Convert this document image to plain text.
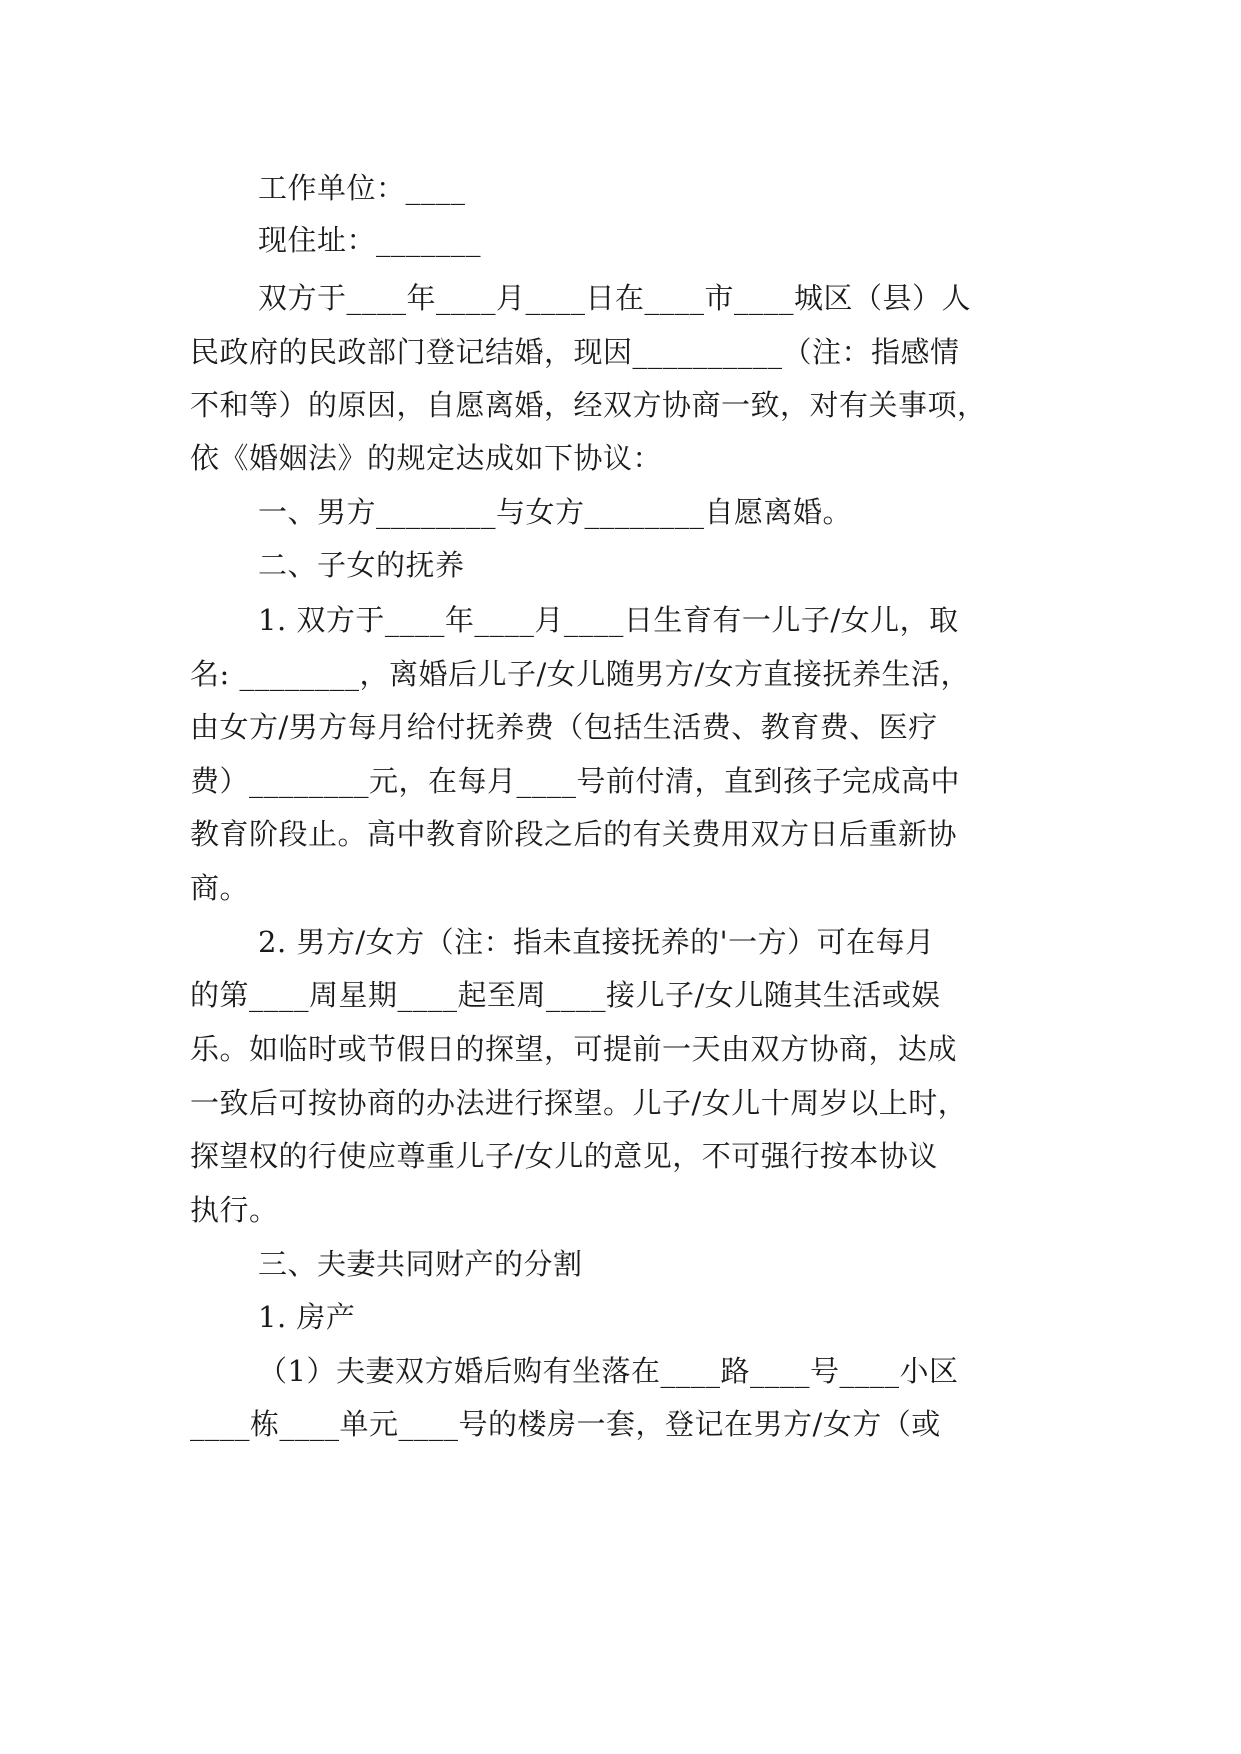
工作单位：____
现住址：_______
双方于____年____月____日在____市____城区（县）人
民政府的民政部门登记结婚，现因__________（注：指感情
不和等）的原因，自愿离婚，经双方协商一致，对有关事项，
依《婚姻法》的规定达成如下协议：
一、男方________与女方________自愿离婚。
二、子女的抚养
1. 双方于____年____月____日生育有一儿子/女儿，取
名: ________，离婚后儿子/女儿随男方/女方直接抚养生活，
由女方/男方每月给付抚养费（包括生活费、教育费、医疗
费）________元，在每月____号前付清，直到孩子完成高中
教育阶段止。高中教育阶段之后的有关费用双方日后重新协
商。
2. 男方/女方（注：指未直接抚养的'一方）可在每月
的第____周星期____起至周____接儿子/女儿随其生活或娱
乐。如临时或节假日的探望，可提前一天由双方协商，达成
一致后可按协商的办法进行探望。儿子/女儿十周岁以上时，
探望权的行使应尊重儿子/女儿的意见，不可强行按本协议
执行。
三、夫妻共同财产的分割
1. 房产
（1）夫妻双方婚后购有坐落在____路____号____小区
____栋____单元____号的楼房一套，登记在男方/女方（或
